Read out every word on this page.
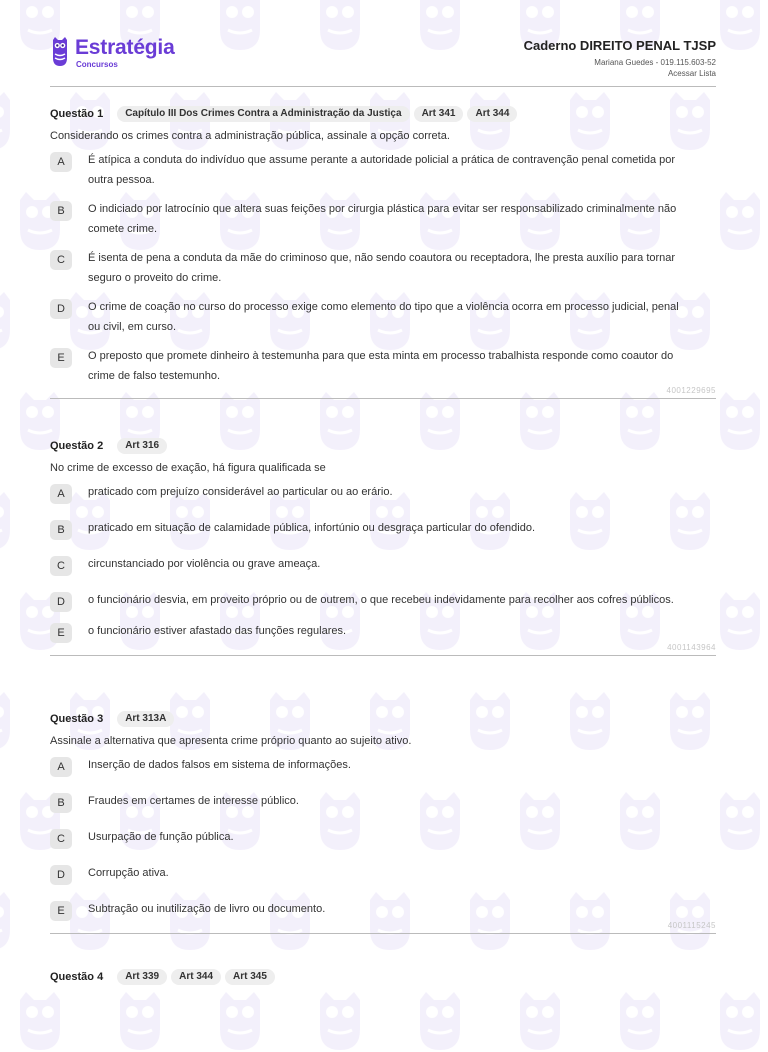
Estratégia
Concursos
Caderno DIREITO PENAL TJSP
Mariana Guedes - 019.115.603-52
Acessar Lista
Questão 1	Capítulo III Dos Crimes Contra a Administração da Justiça	Art 341	Art 344
Considerando os crimes contra a administração pública, assinale a opção correta.
A	É atípica a conduta do indivíduo que assume perante a autoridade policial a prática de contravenção penal cometida por outra pessoa.
B	O indiciado por latrocínio que altera suas feições por cirurgia plástica para evitar ser responsabilizado criminalmente não comete crime.
C	É isenta de pena a conduta da mãe do criminoso que, não sendo coautora ou receptadora, lhe presta auxílio para tornar seguro o proveito do crime.
D	O crime de coação no curso do processo exige como elemento do tipo que a violência ocorra em processo judicial, penal ou civil, em curso.
E	O preposto que promete dinheiro à testemunha para que esta minta em processo trabalhista responde como coautor do crime de falso testemunho.
4001229695
Questão 2	Art 316
No crime de excesso de exação, há figura qualificada se
A	praticado com prejuízo considerável ao particular ou ao erário.
B	praticado em situação de calamidade pública, infortúnio ou desgraça particular do ofendido.
C	circunstanciado por violência ou grave ameaça.
D	o funcionário desvia, em proveito próprio ou de outrem, o que recebeu indevidamente para recolher aos cofres públicos.
E	o funcionário estiver afastado das funções regulares.
4001143964
Questão 3	Art 313A
Assinale a alternativa que apresenta crime próprio quanto ao sujeito ativo.
A	Inserção de dados falsos em sistema de informações.
B	Fraudes em certames de interesse público.
C	Usurpação de função pública.
D	Corrupção ativa.
E	Subtração ou inutilização de livro ou documento.
4001115245
Questão 4	Art 339	Art 344	Art 345
